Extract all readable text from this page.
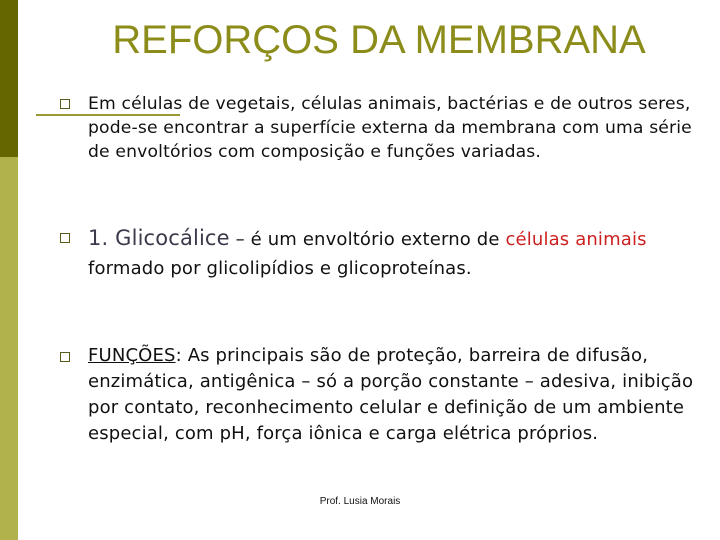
REFORÇOS DA MEMBRANA

Em células de vegetais, células animais, bactérias e de outros seres, pode-se encontrar a superfície externa da membrana com uma série de envoltórios com composição e funções variadas.

1. Glicocálice – é um envoltório externo de células animais formado por glicolipídios e glicoproteínas.

FUNÇÕES: As principais são de proteção, barreira de difusão, enzimática, antigênica – só a porção constante – adesiva, inibição por contato, reconhecimento celular e definição de um ambiente especial, com pH, força iônica e carga elétrica próprios.

Prof. Lusia Morais
